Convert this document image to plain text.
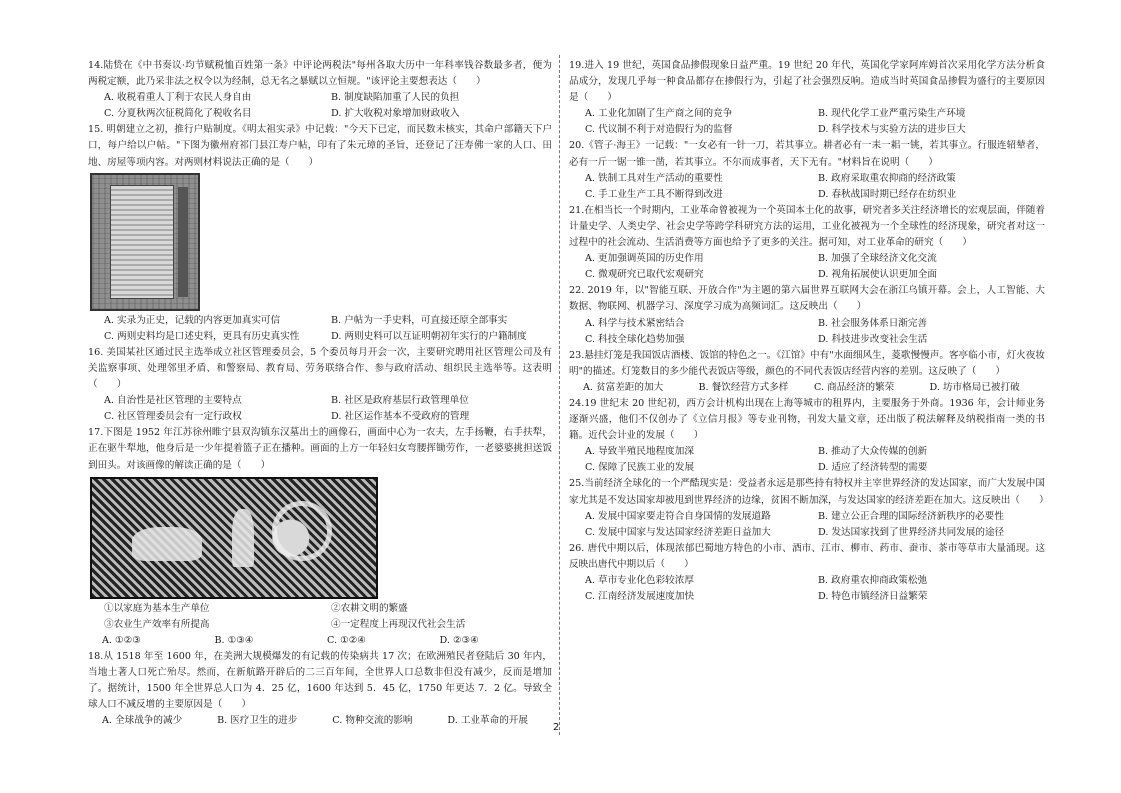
14.陆贽在《中书奏议·均节赋税恤百姓第一条》中评论两税法"每州各取大历中一年科率钱谷数最多者，便为两税定额，此乃采非法之权令以为经制，总无名之暴赋以立恒规。"该评论主要想表达（　　）

A. 收税看重人丁利于农民人身自由	B. 制度缺陷加重了人民的负担
C. 分夏秋两次征税简化了税收名目	D. 扩大收税对象增加财政收入

15. 明朝建立之初，推行户贴制度。《明太祖实录》中记载："今天下已定，而民数未核实，其命户部籍天下户口，每户给以户帖。"下图为徽州府祁门县江寿户帖，印有了朱元璋的圣旨，还登记了汪寿佛一家的人口、田地、房屋等项内容。对两则材料说法正确的是（　　）

A. 实录为正史，记载的内容更加真实可信	B. 户帖为一手史料，可直接还原全部事实
C. 两则史料均是口述史料，更具有历史真实性	D. 两则史料可以互证明朝初年实行的户籍制度

16. 美国某社区通过民主选举成立社区管理委员会，5 个委员每月开会一次，主要研究聘用社区管理公司及有关监察事项、处理邻里矛盾、和警察局、教育局、劳务联络合作、参与政府活动、组织民主选举等。这表明（　　）

A. 自治性是社区管理的主要特点	B. 社区是政府基层行政管理单位
C. 社区管理委员会有一定行政权	D. 社区运作基本不受政府的管理

17.下图是 1952 年江苏徐州睢宁县双沟镇东汉墓出土的画像石，画面中心为一农夫，左手扬鞭，右手扶犁，正在驱牛犁地，他身后是一少年提着篮子正在播种。画面的上方一年轻妇女弯腰挥锄劳作，一老婆婆挑担送饭到田头。对该画像的解读正确的是（　　）

①以家庭为基本生产单位	②农耕文明的繁盛
③农业生产效率有所提高	④一定程度上再现汉代社会生活
A. ①②③	B. ①③④	C. ①②④	D. ②③④

18.从 1518 年至 1600 年，在美洲大规模爆发的有记载的传染病共 17 次；在欧洲殖民者登陆后 30 年内，当地土著人口死亡殆尽。然而，在新航路开辟后的二三百年间，全世界人口总数非但没有减少，反而是增加了。据统计，1500 年全世界总人口为 4．25 亿，1600 年达到 5．45 亿，1750 年更达 7．2 亿。导致全球人口不减反增的主要原因是（　　）

A. 全球战争的减少	B. 医疗卫生的进步	C. 物种交流的影响	D. 工业革命的开展

19.进入 19 世纪，英国食品掺假现象日益严重。19 世纪 20 年代，英国化学家阿库姆首次采用化学方法分析食品成分，发现几乎每一种食品都存在掺假行为，引起了社会强烈反响。造成当时英国食品掺假为盛行的主要原因是（　　）

A. 工业化加剧了生产商之间的竞争	B. 现代化学工业严重污染生产环境
C. 代议制不利于对造假行为的监督	D. 科学技术与实验方法的进步巨大

20.《管子·海王》一记载："一女必有一针一刀，若其事立。耕者必有一耒一耜一铫，若其事立。行服连轺辇者，必有一斤一锯一锥一凿，若其事立。不尔而成事者，天下无有。"材料旨在说明（　　）

A. 铁制工具对生产活动的重要性	B. 政府采取重农抑商的经济政策
C. 手工业生产工具不断得到改进	D. 春秋战国时期已经存在纺织业

21.在相当长一个时期内，工业革命曾被视为一个英国本土化的故事，研究者多关注经济增长的宏观层面，伴随着计量史学、人类史学、社会史学等跨学科研究方法的运用，工业化被视为一个全球性的经济现象，研究者对这一过程中的社会流动、生活消费等方面也给予了更多的关注。据可知，对工业革命的研究（　　）

A. 更加强调英国的历史作用	B. 加强了全球经济文化交流
C. 微观研究已取代宏观研究	D. 视角拓展使认识更加全面

22. 2019 年，以"智能互联、开放合作"为主题的第六届世界互联网大会在浙江乌镇开幕。会上，人工智能、大数据、物联网、机器学习、深度学习成为高频词汇。这反映出（　　）

A. 科学与技术紧密结合	B. 社会服务体系日渐完善
C. 科技全球化趋势加强	D. 科技进步改变社会生活

23.悬挂灯笼是我国饭店酒楼、饭馆的特色之一。《江馆》中有"水面细风生，菱歌慢慢声。客亭临小市，灯火夜妆明"的描述。灯笼数目的多少能代表饭店等级，颜色的不同代表饭店经营内容的差别。这反映了（　　）

A. 贫富差距的加大	B. 餐饮经营方式多样	C. 商品经济的繁荣	D. 坊市格局已被打破

24.19 世纪末 20 世纪初，西方会计机构出现在上海等城市的租界内，主要服务于外商。1936 年，会计师业务逐渐兴盛，他们不仅创办了《立信月报》等专业刊物，刊发大量文章，还出版了税法解释及纳税指南一类的书籍。近代会计业的发展（　　）

A. 导致半殖民地程度加深	B. 推动了大众传媒的创新
C. 保障了民族工业的发展	D. 适应了经济转型的需要

25.当前经济全球化的一个严酷现实是：受益者永远是那些持有特权并主宰世界经济的发达国家，而广大发展中国家尤其是不发达国家却被甩到世界经济的边缘，贫困不断加深，与发达国家的经济差距在加大。这反映出（　　）

A. 发展中国家要走符合自身国情的发展道路	B. 建立公正合理的国际经济新秩序的必要性
C. 发展中国家与发达国家经济差距日益加大	D. 发达国家找到了世界经济共同发展的途径

26. 唐代中期以后，体现浓郁巴蜀地方特色的小市、酒市、江市、柳市、药市、蚕市、茶市等草市大量涌现。这反映出唐代中期以后（　　）

A. 草市专业化色彩较浓厚	B. 政府重农抑商政策松弛
C. 江南经济发展速度加快	D. 特色市镇经济日益繁荣
2
